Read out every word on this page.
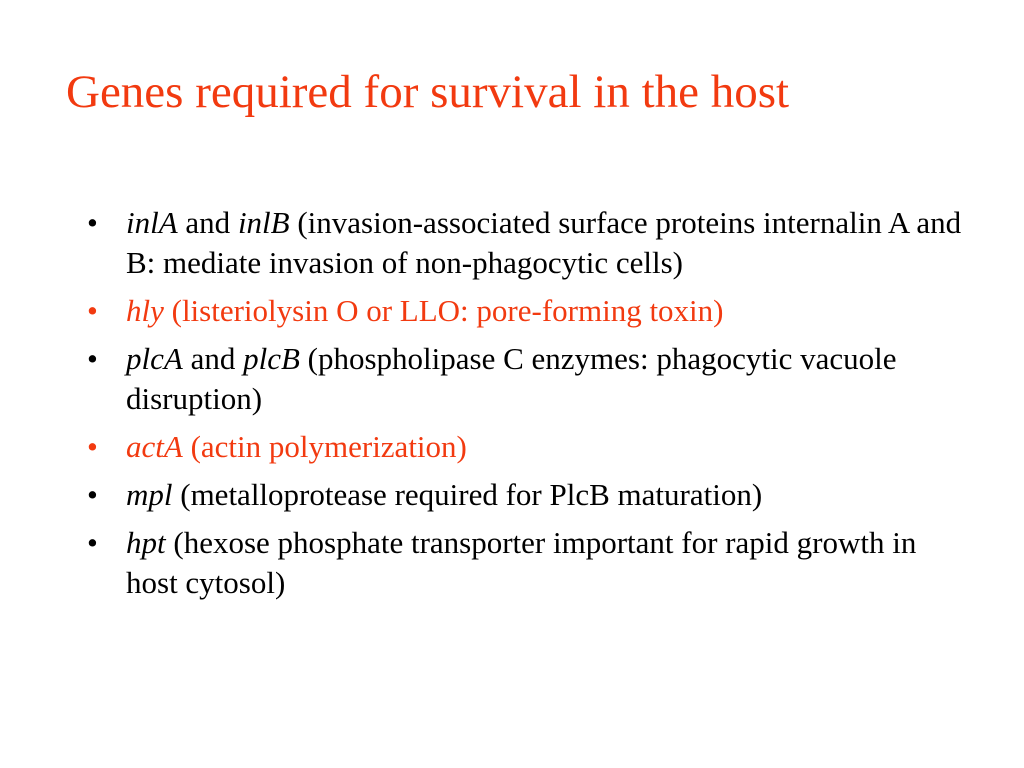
Genes required for survival in the host
• inlA and inlB (invasion-associated surface proteins internalin A and B: mediate invasion of non-phagocytic cells)
• hly (listeriolysin O or LLO: pore-forming toxin)
• plcA and plcB (phospholipase C enzymes: phagocytic vacuole disruption)
• actA (actin polymerization)
• mpl (metalloprotease required for PlcB maturation)
• hpt (hexose phosphate transporter important for rapid growth in host cytosol)
